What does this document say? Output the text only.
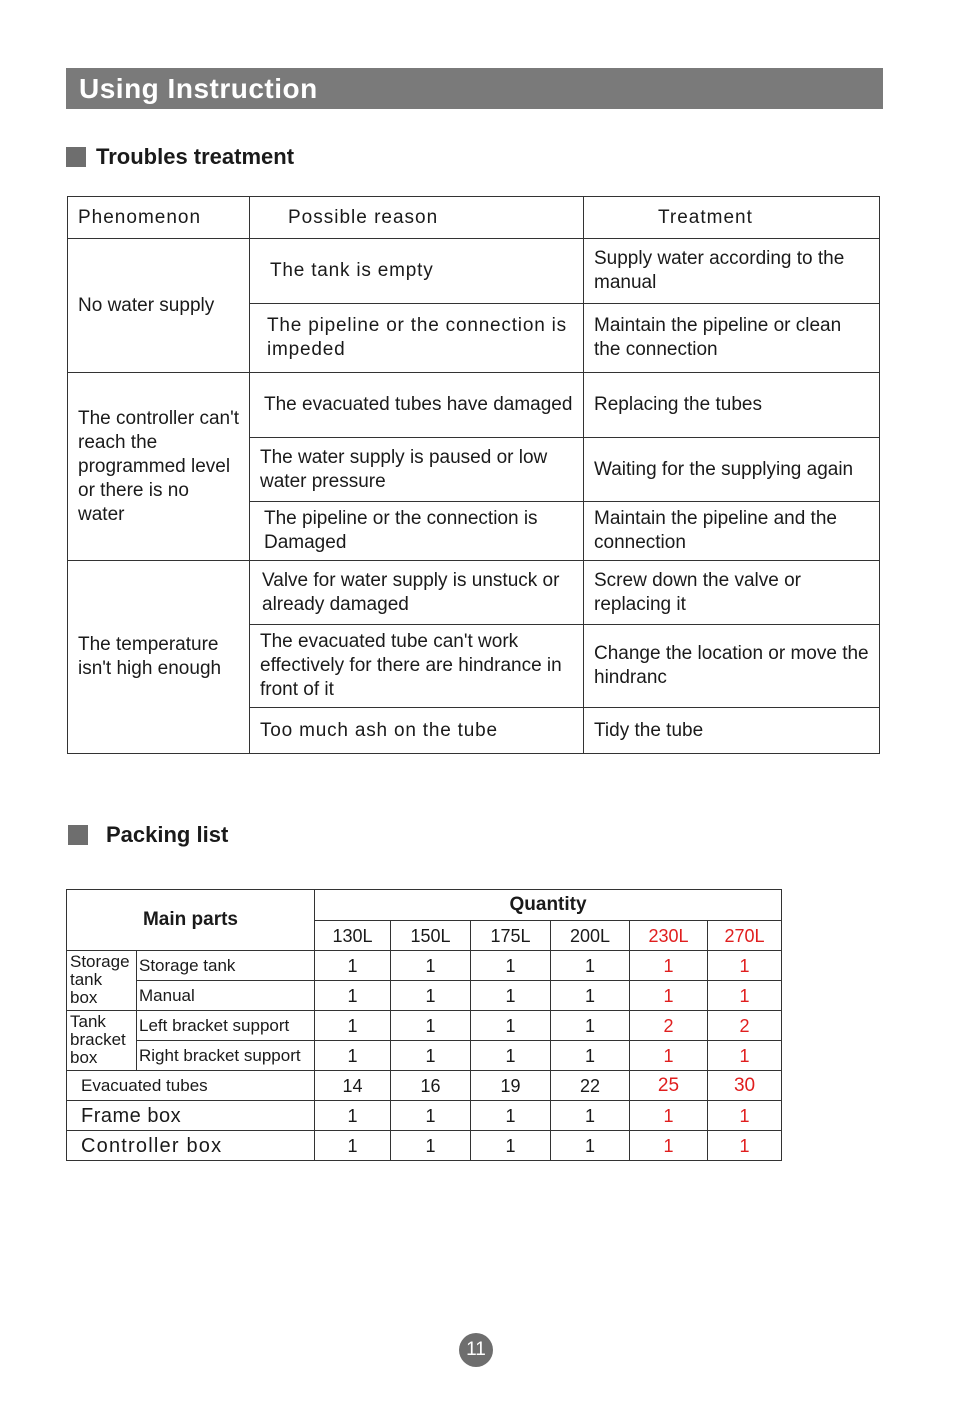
Using Instruction
Troubles treatment
Phenomenon	Possible reason	Treatment
No water supply	The tank is empty	Supply water according to the manual
	The pipeline or the connection is impeded	Maintain the pipeline or clean the connection
The controller can't reach the programmed level or there is no water	The evacuated tubes have damaged	Replacing the tubes
	The water supply is paused or low water pressure	Waiting for the supplying again
	The pipeline or the connection is Damaged	Maintain the pipeline and the connection
The temperature isn't high enough	Valve for water supply is unstuck or already damaged	Screw down the valve or replacing it
	The evacuated tube can't work effectively for there are hindrance in front of it	Change the location or move the hindranc
	Too much ash on the tube	Tidy the tube
Packing list
Main parts		Quantity					
		130L	150L	175L	200L	230L	270L
Storage tank box	Storage tank	1	1	1	1	1	1
	Manual	1	1	1	1	1	1
Tank bracket box	Left bracket support	1	1	1	1	2	2
	Right bracket support	1	1	1	1	1	1
Evacuated tubes		14	16	19	22	25	30
Frame box		1	1	1	1	1	1
Controller box		1	1	1	1	1	1
11
